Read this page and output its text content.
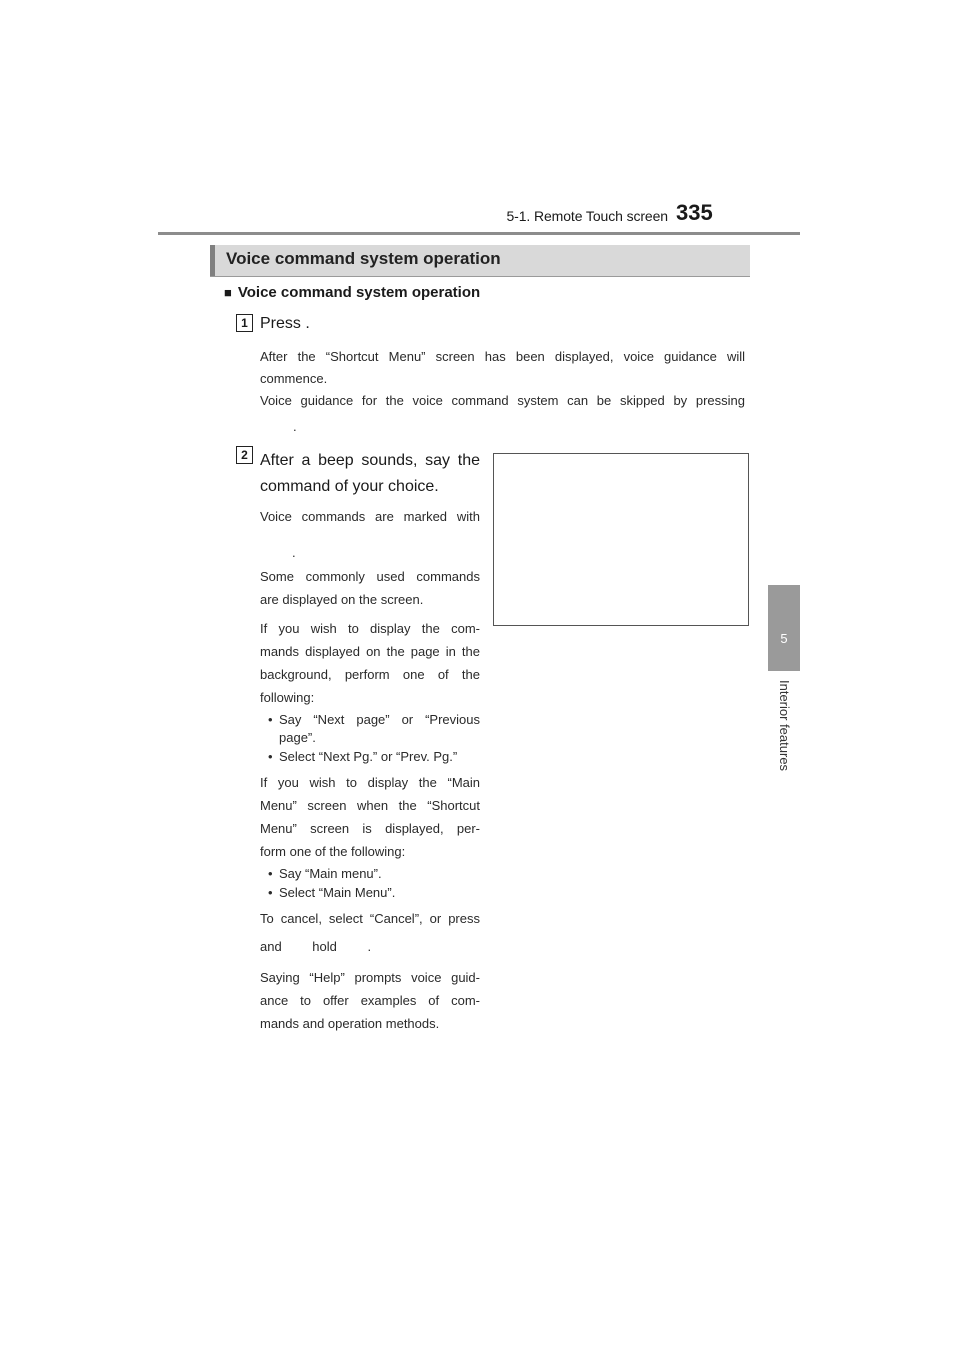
5-1. Remote Touch screen 335
5
Interior features
Voice command system operation
■ Voice command system operation
1 Press .
After the “Shortcut Menu” screen has been displayed, voice guidance will
commence.
Voice guidance for the voice command system can be skipped by pressing
.
2 After a beep sounds, say the
command of your choice.
Voice commands are marked with
.
Some commonly used commands
are displayed on the screen.
If you wish to display the com-
mands displayed on the page in the
background, perform one of the
following:
• Say “Next page” or “Previous
page”.
• Select “Next Pg.” or “Prev. Pg.”
If you wish to display the “Main
Menu” screen when the “Shortcut
Menu” screen is displayed, per-
form one of the following:
• Say “Main menu”.
• Select “Main Menu”.
To cancel, select “Cancel”, or press
and hold .
Saying “Help” prompts voice guid-
ance to offer examples of com-
mands and operation methods.
